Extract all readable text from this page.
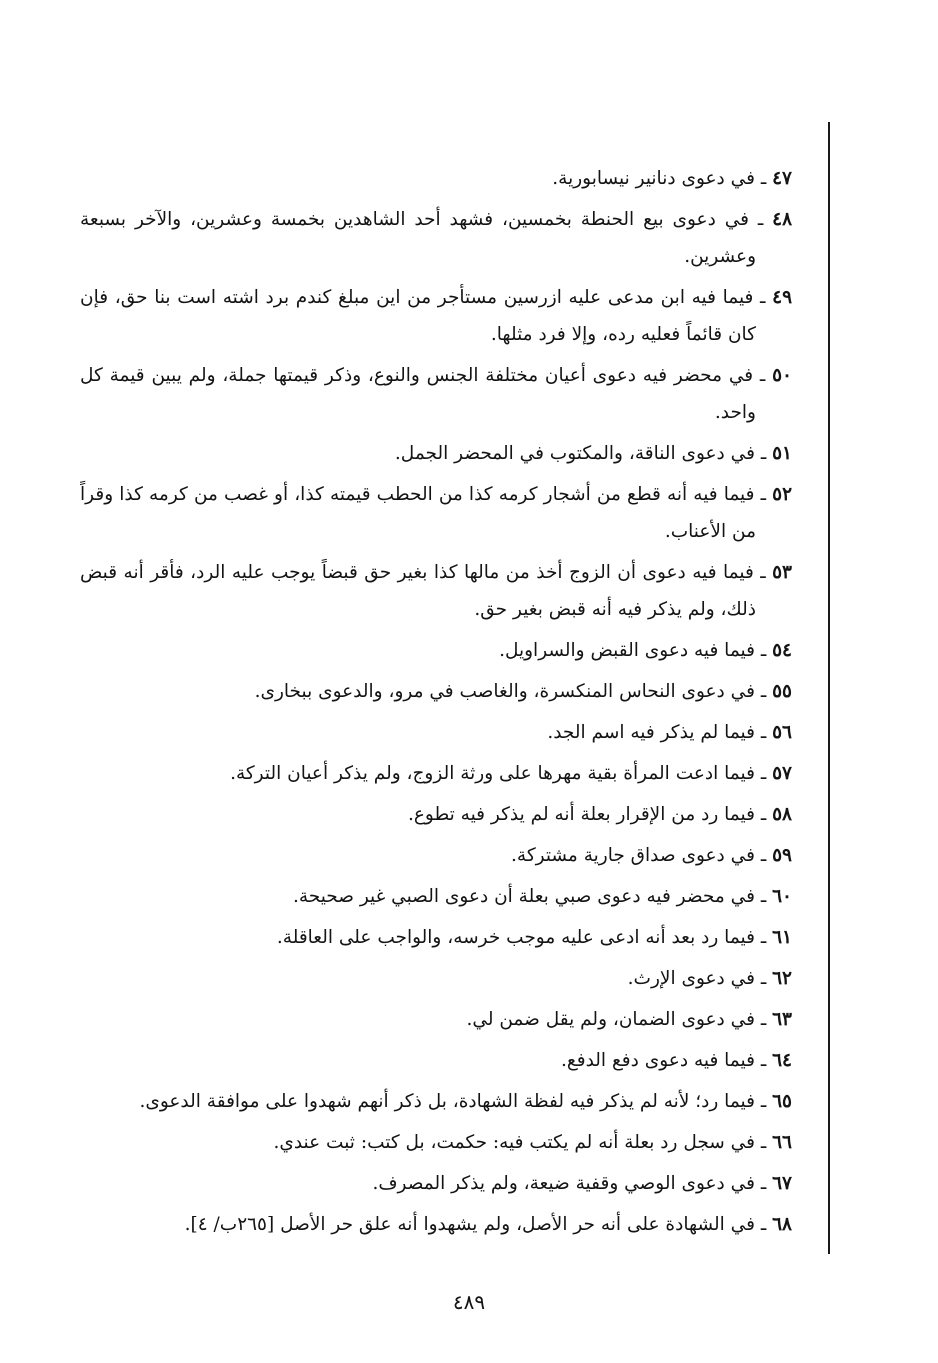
٤٧ ـ في دعوى دنانير نيسابورية.

٤٨ ـ في دعوى بيع الحنطة بخمسين، فشهد أحد الشاهدين بخمسة وعشرين، والآخر بسبعة وعشرين.

٤٩ ـ فيما فيه ابن مدعى عليه ازرسين مستأجر من اين مبلغ كندم برد اشته است بنا حق، فإن كان قائماً فعليه رده، وإلا فرد مثلها.

٥٠ ـ في محضر فيه دعوى أعيان مختلفة الجنس والنوع، وذكر قيمتها جملة، ولم يبين قيمة كل واحد.

٥١ ـ في دعوى الناقة، والمكتوب في المحضر الجمل.

٥٢ ـ فيما فيه أنه قطع من أشجار كرمه كذا من الحطب قيمته كذا، أو غصب من كرمه كذا وقراً من الأعناب.

٥٣ ـ فيما فيه دعوى أن الزوج أخذ من مالها كذا بغير حق قبضاً يوجب عليه الرد، فأقر أنه قبض ذلك، ولم يذكر فيه أنه قبض بغير حق.

٥٤ ـ فيما فيه دعوى القبض والسراويل.

٥٥ ـ في دعوى النحاس المنكسرة، والغاصب في مرو، والدعوى ببخارى.

٥٦ ـ فيما لم يذكر فيه اسم الجد.

٥٧ ـ فيما ادعت المرأة بقية مهرها على ورثة الزوج، ولم يذكر أعيان التركة.

٥٨ ـ فيما رد من الإقرار بعلة أنه لم يذكر فيه تطوع.

٥٩ ـ في دعوى صداق جارية مشتركة.

٦٠ ـ في محضر فيه دعوى صبي بعلة أن دعوى الصبي غير صحيحة.

٦١ ـ فيما رد بعد أنه ادعى عليه موجب خرسه، والواجب على العاقلة.

٦٢ ـ في دعوى الإرث.

٦٣ ـ في دعوى الضمان، ولم يقل ضمن لي.

٦٤ ـ فيما فيه دعوى دفع الدفع.

٦٥ ـ فيما رد؛ لأنه لم يذكر فيه لفظة الشهادة، بل ذكر أنهم شهدوا على موافقة الدعوى.

٦٦ ـ في سجل رد بعلة أنه لم يكتب فيه: حكمت، بل كتب: ثبت عندي.

٦٧ ـ في دعوى الوصي وقفية ضيعة، ولم يذكر المصرف.

٦٨ ـ في الشهادة على أنه حر الأصل، ولم يشهدوا أنه علق حر الأصل [٢٦٥ب/ ٤].

٤٨٩
